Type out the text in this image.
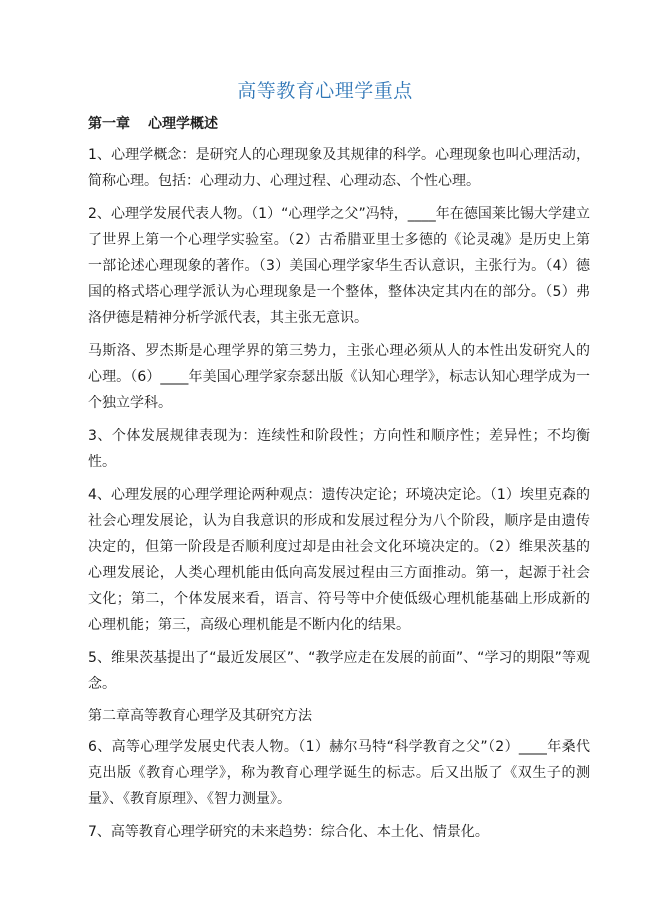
高等教育心理学重点
第一章 心理学概述

1、心理学概念：是研究人的心理现象及其规律的科学。心理现象也叫心理活动，简称心理。包括：心理动力、心理过程、心理动态、个性心理。

2、心理学发展代表人物。（1）“心理学之父”冯特，____年在德国莱比锡大学建立了世界上第一个心理学实验室。（2）古希腊亚里士多德的《论灵魂》是历史上第一部论述心理现象的著作。（3）美国心理学家华生否认意识，主张行为。（4）德国的格式塔心理学派认为心理现象是一个整体，整体决定其内在的部分。（5）弗洛伊德是精神分析学派代表，其主张无意识。

马斯洛、罗杰斯是心理学界的第三势力，主张心理必须从人的本性出发研究人的心理。（6）____年美国心理学家奈瑟出版《认知心理学》，标志认知心理学成为一个独立学科。

3、个体发展规律表现为：连续性和阶段性；方向性和顺序性；差异性；不均衡性。

4、心理发展的心理学理论两种观点：遗传决定论；环境决定论。（1）埃里克森的社会心理发展论，认为自我意识的形成和发展过程分为八个阶段，顺序是由遗传决定的，但第一阶段是否顺利度过却是由社会文化环境决定的。（2）维果茨基的心理发展论，人类心理机能由低向高发展过程由三方面推动。第一，起源于社会文化；第二，个体发展来看，语言、符号等中介使低级心理机能基础上形成新的心理机能；第三，高级心理机能是不断内化的结果。

5、维果茨基提出了“最近发展区”、“教学应走在发展的前面”、“学习的期限”等观念。

第二章高等教育心理学及其研究方法

6、高等心理学发展史代表人物。（1）赫尔马特“科学教育之父”（2）____年桑代克出版《教育心理学》，称为教育心理学诞生的标志。后又出版了《双生子的测量》、《教育原理》、《智力测量》。

7、高等教育心理学研究的未来趋势：综合化、本土化、情景化。
